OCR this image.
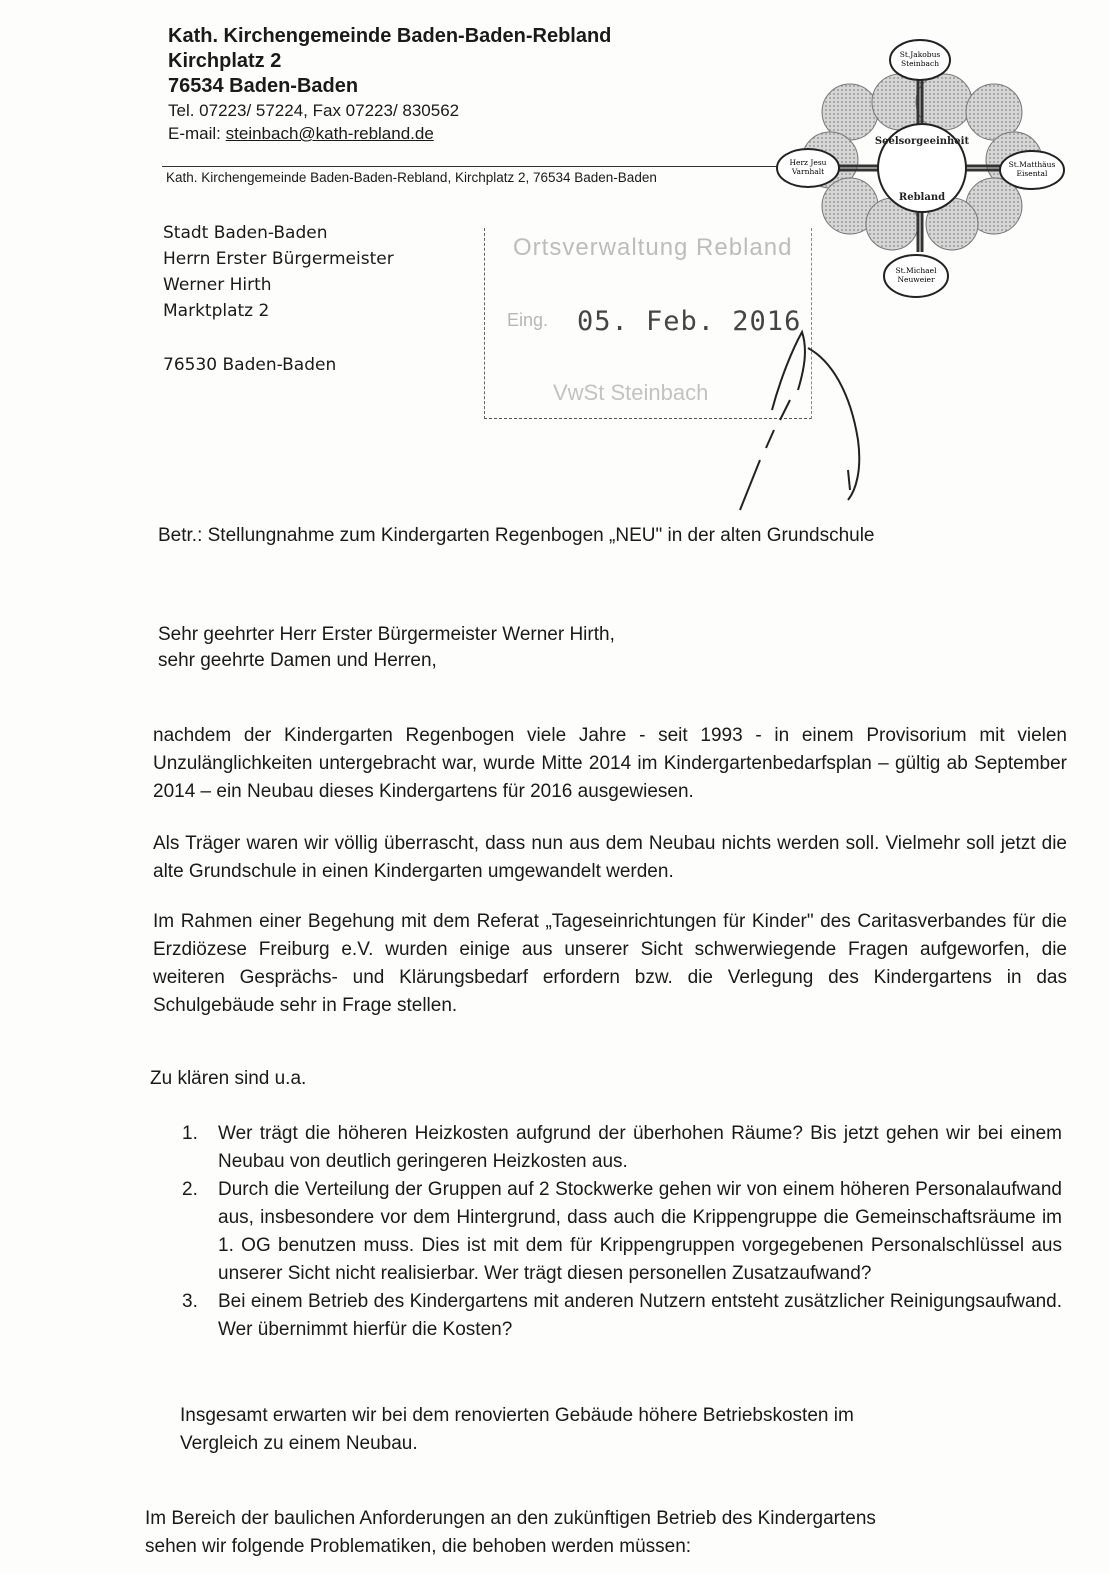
Kath. Kirchengemeinde Baden-Baden-Rebland
Kirchplatz 2
76534 Baden-Baden
Tel. 07223/ 57224, Fax 07223/ 830562
E-mail: steinbach@kath-rebland.de
Kath. Kirchengemeinde Baden-Baden-Rebland, Kirchplatz 2, 76534 Baden-Baden
Seelsorgeeinheit
Rebland
St.Jakobus
Steinbach
Herz Jesu
Varnhalt
St.Matthäus
Eisental
St.Michael
Neuweier
Stadt Baden-Baden
Herrn Erster Bürgermeister
Werner Hirth
Marktplatz 2
76530 Baden-Baden
Ortsverwaltung Rebland
Eing. 05. Feb. 2016
VwSt Steinbach
Betr.: Stellungnahme zum Kindergarten Regenbogen „NEU" in der alten Grundschule
Sehr geehrter Herr Erster Bürgermeister Werner Hirth,
sehr geehrte Damen und Herren,
nachdem der Kindergarten Regenbogen viele Jahre - seit 1993 - in einem Provisorium mit vielen Unzulänglichkeiten untergebracht war, wurde Mitte 2014 im Kindergartenbedarfsplan – gültig ab September 2014 – ein Neubau dieses Kindergartens für 2016 ausgewiesen.
Als Träger waren wir völlig überrascht, dass nun aus dem Neubau nichts werden soll. Vielmehr soll jetzt die alte Grundschule in einen Kindergarten umgewandelt werden.
Im Rahmen einer Begehung mit dem Referat „Tageseinrichtungen für Kinder" des Caritasverbandes für die Erzdiözese Freiburg e.V. wurden einige aus unserer Sicht schwerwiegende Fragen aufgeworfen, die weiteren Gesprächs- und Klärungsbedarf erfordern bzw. die Verlegung des Kindergartens in das Schulgebäude sehr in Frage stellen.
Zu klären sind u.a.
1. Wer trägt die höheren Heizkosten aufgrund der überhohen Räume? Bis jetzt gehen wir bei einem Neubau von deutlich geringeren Heizkosten aus.
2. Durch die Verteilung der Gruppen auf 2 Stockwerke gehen wir von einem höheren Personalaufwand aus, insbesondere vor dem Hintergrund, dass auch die Krippengruppe die Gemeinschaftsräume im 1. OG benutzen muss. Dies ist mit dem für Krippengruppen vorgegebenen Personalschlüssel aus unserer Sicht nicht realisierbar. Wer trägt diesen personellen Zusatzaufwand?
3. Bei einem Betrieb des Kindergartens mit anderen Nutzern entsteht zusätzlicher Reinigungsaufwand. Wer übernimmt hierfür die Kosten?
Insgesamt erwarten wir bei dem renovierten Gebäude höhere Betriebskosten im
Vergleich zu einem Neubau.
Im Bereich der baulichen Anforderungen an den zukünftigen Betrieb des Kindergartens
sehen wir folgende Problematiken, die behoben werden müssen:
